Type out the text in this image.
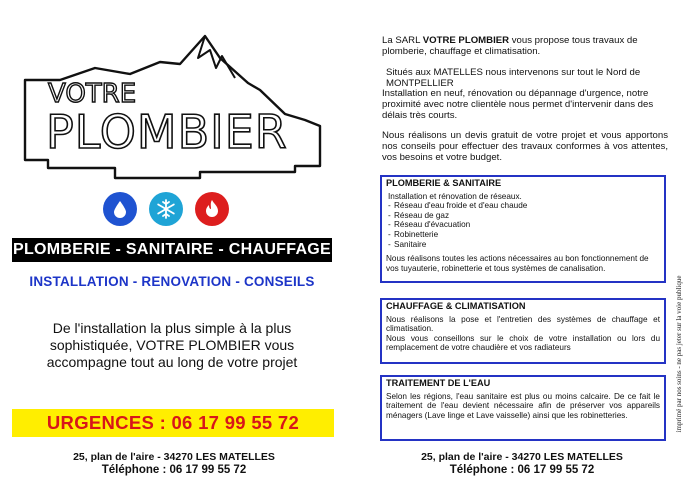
VOTRE
PLOMBIER
PLOMBERIE - SANITAIRE - CHAUFFAGE
INSTALLATION - RENOVATION - CONSEILS
De l'installation la plus simple à la plus sophistiquée, VOTRE PLOMBIER vous accompagne tout au long de votre projet
URGENCES : 06 17 99 55 72
25, plan de l'aire - 34270 LES MATELLES
Téléphone : 06 17 99 55 72
La SARL VOTRE PLOMBIER vous propose tous travaux de plomberie, chauffage et climatisation.
Situés aux MATELLES nous intervenons sur tout le Nord de MONTPELLIER
Installation en neuf, rénovation ou dépannage d'urgence, notre proximité avec notre clientèle nous permet d'intervenir dans des délais très courts.
Nous réalisons un devis gratuit de votre projet et vous apportons nos conseils pour effectuer des travaux conformes à vos attentes, vos besoins et votre budget.
PLOMBERIE & SANITAIRE
Installation et rénovation de réseaux.
- Réseau d'eau froide et d'eau chaude
- Réseau de gaz
- Réseau d'évacuation
- Robinetterie
- Sanitaire
Nous réalisons toutes les actions nécessaires au bon fonctionnement de vos tuyauterie, robinetterie et tous systèmes de canalisation.
CHAUFFAGE & CLIMATISATION
Nous réalisons la pose et l'entretien des systèmes de chauffage et climatisation.
Nous vous conseillons sur le choix de votre installation ou lors du remplacement de votre chaudière et vos radiateurs
TRAITEMENT DE L'EAU
Selon les régions, l'eau sanitaire est plus ou moins calcaire. De ce fait le traitement de l'eau devient nécessaire afin de préserver vos appareils ménagers (Lave linge et Lave vaisselle) ainsi que les robinetteries.
25, plan de l'aire - 34270 LES MATELLES
Téléphone : 06 17 99 55 72
imprimé par nos soins - ne pas jeter sur la voie publique
